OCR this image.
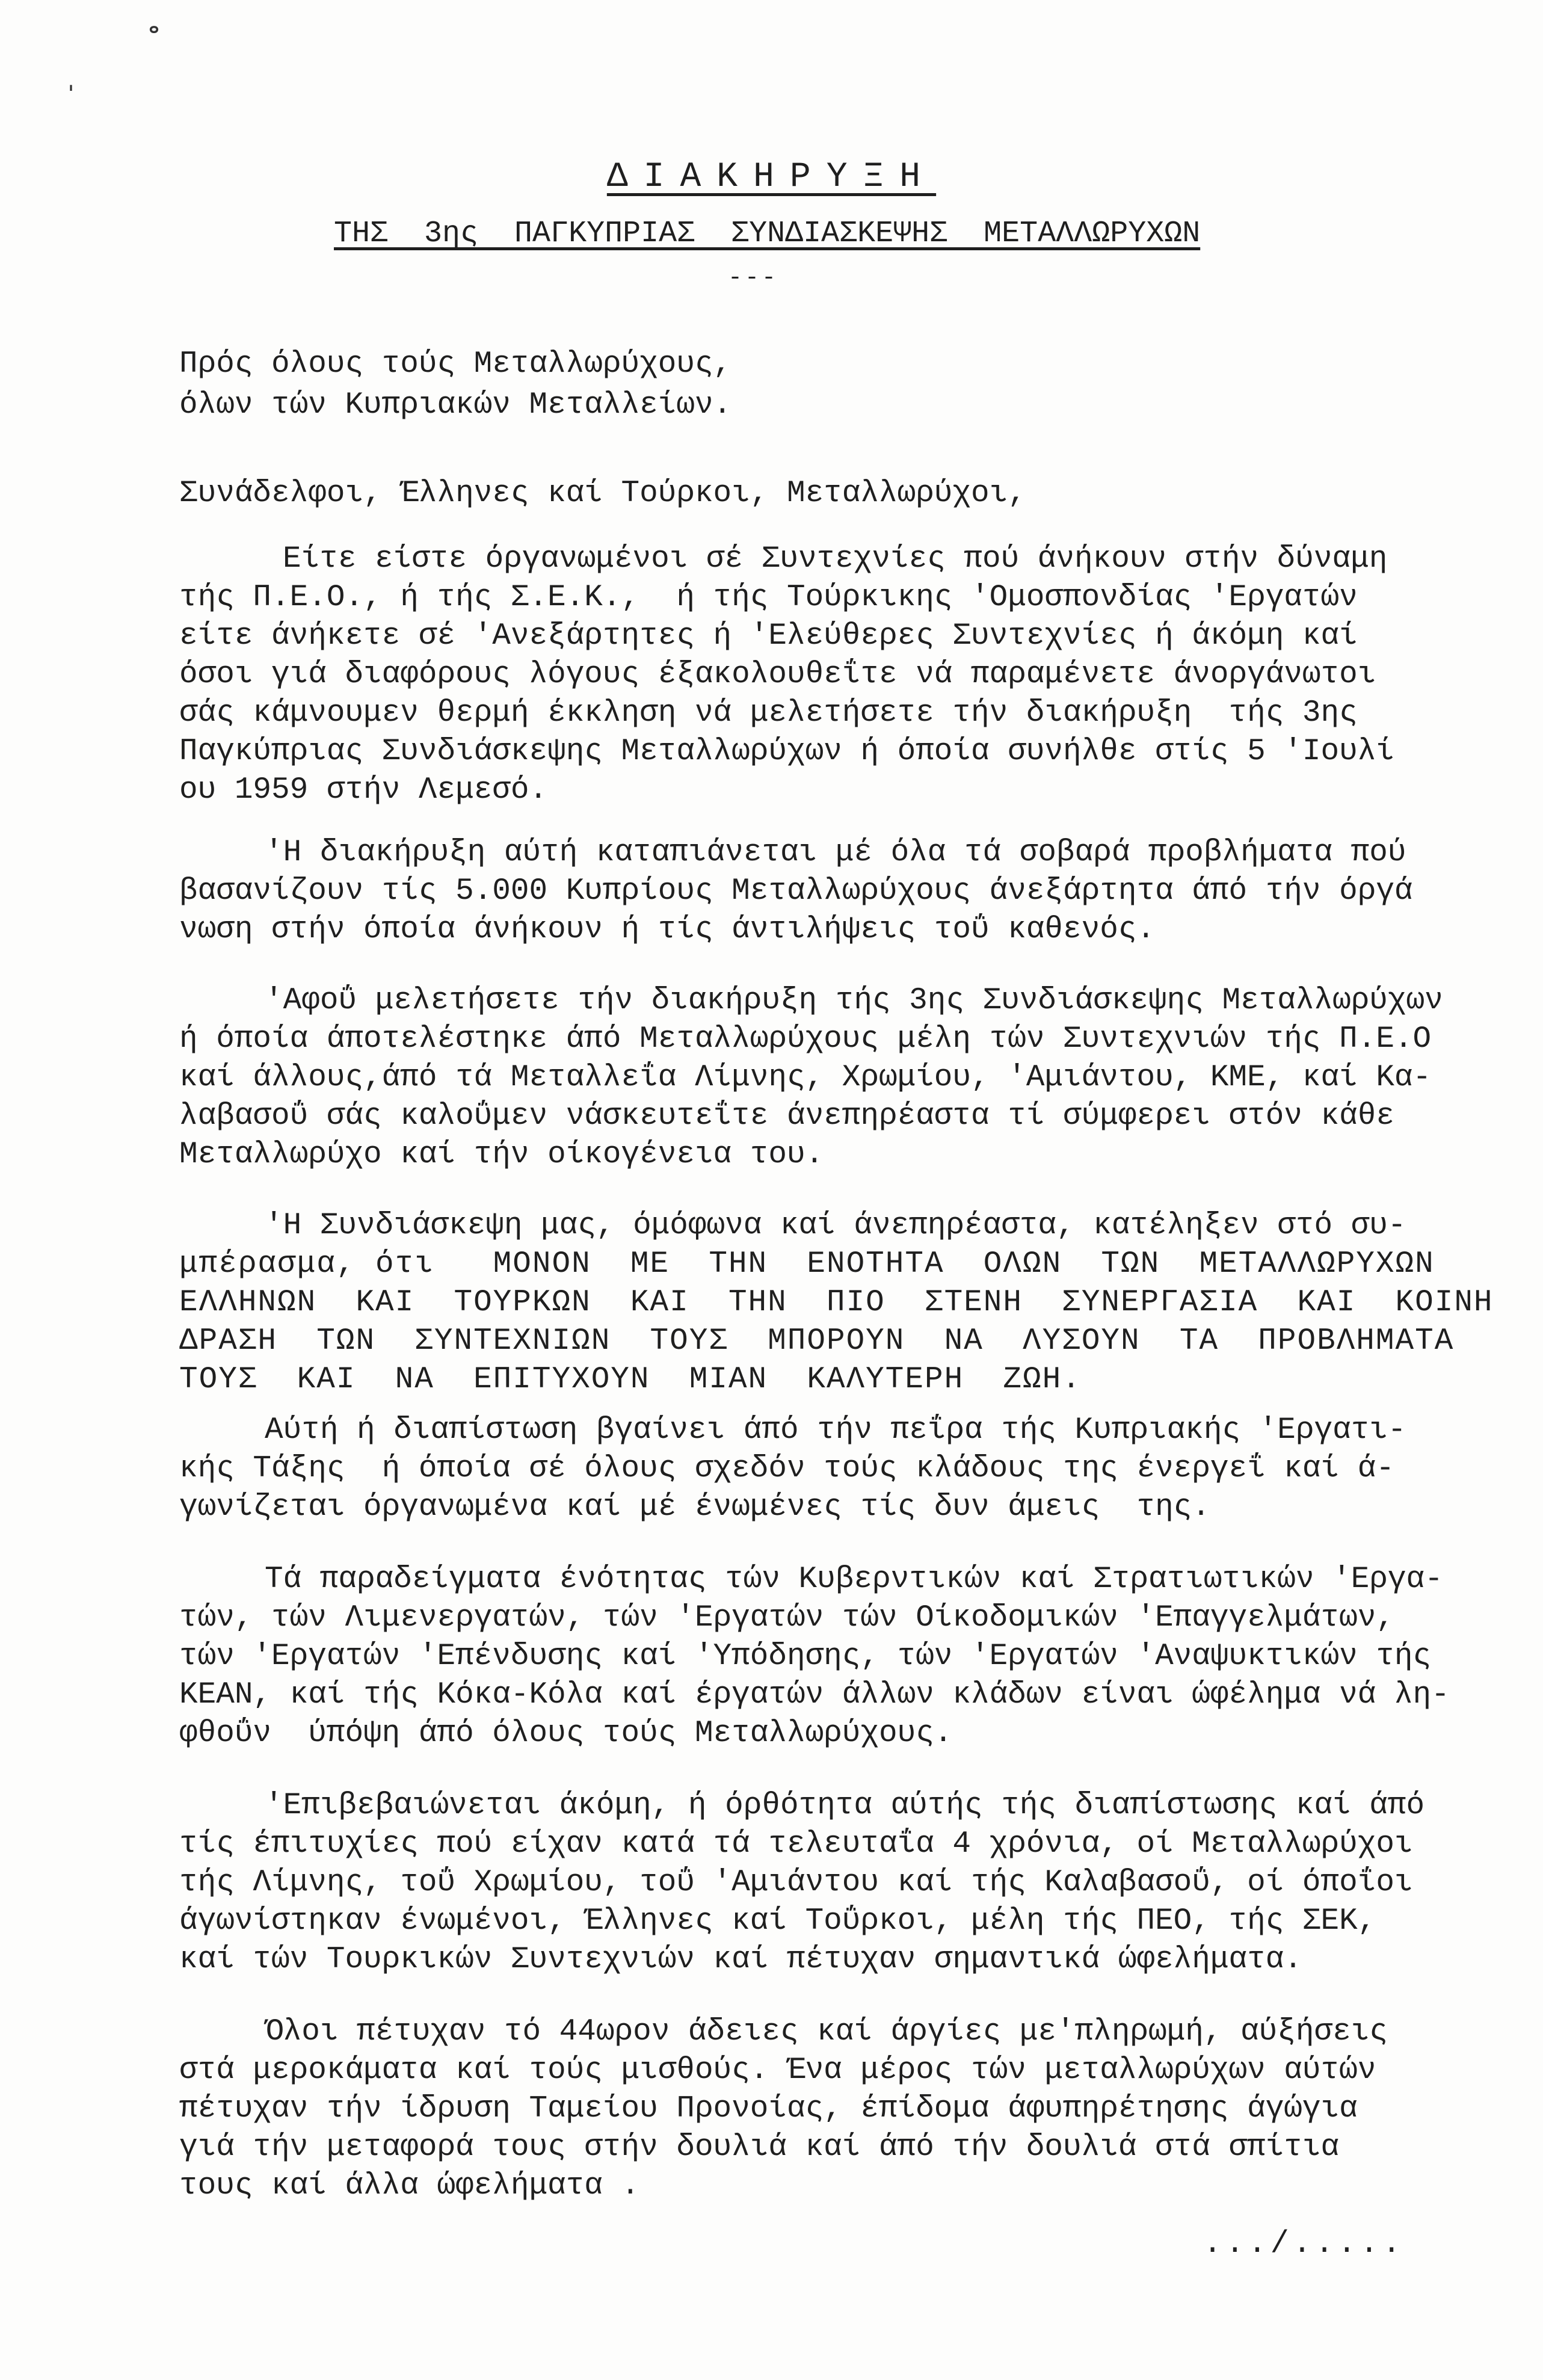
˚
ˈ
ΔΙΑΚΗΡΥΞΗ
ΤΗΣ  3ης  ΠΑΓΚΥΠΡΙΑΣ  ΣΥΝΔΙΑΣΚΕΨΗΣ  ΜΕΤΑΛΛΩΡΥΧΩΝ
---
Πρός όλους τούς Μεταλλωρύχους,
όλων τών Κυπριακών Μεταλλείων.
Συνάδελφοι, Έλληνες καί Τούρκοι, Μεταλλωρύχοι,
Είτε είστε όργανωμένοι σέ Συντεχνίες πού άνήκουν στήν δύναμη
τής Π.Ε.Ο., ή τής Σ.Ε.Κ.,  ή τής Τούρκικης 'Ομοσπονδίας 'Εργατών
είτε άνήκετε σέ 'Ανεξάρτητες ή 'Ελεύθερες Συντεχνίες ή άκόμη καί
όσοι γιά διαφόρους λόγους έξακολουθεΐτε νά παραμένετε άνοργάνωτοι
σάς κάμνουμεν θερμή έκκληση νά μελετήσετε τήν διακήρυξη  τής 3ης
Παγκύπριας Συνδιάσκεψης Μεταλλωρύχων ή όποία συνήλθε στίς 5 'Ιουλί
ου 1959 στήν Λεμεσό.
'Η διακήρυξη αύτή καταπιάνεται μέ όλα τά σοβαρά προβλήματα πού
βασανίζουν τίς 5.000 Κυπρίους Μεταλλωρύχους άνεξάρτητα άπό τήν όργά
νωση στήν όποία άνήκουν ή τίς άντιλήψεις τοΰ καθενός.
'Αφοΰ μελετήσετε τήν διακήρυξη τής 3ης Συνδιάσκεψης Μεταλλωρύχων
ή όποία άποτελέστηκε άπό Μεταλλωρύχους μέλη τών Συντεχνιών τής Π.Ε.Ο
καί άλλους,άπό τά Μεταλλεΐα Λίμνης, Χρωμίου, 'Αμιάντου, ΚΜΕ, καί Κα-
λαβασοΰ σάς καλοΰμεν νάσκευτεΐτε άνεπηρέαστα τί σύμφερει στόν κάθε
Μεταλλωρύχο καί τήν οίκογένεια του.
'Η Συνδιάσκεψη μας, όμόφωνα καί άνεπηρέαστα, κατέληξεν στό συ-
μπέρασμα, ότι   ΜΟΝΟΝ  ΜΕ  ΤΗΝ  ΕΝΟΤΗΤΑ  ΟΛΩΝ  ΤΩΝ  ΜΕΤΑΛΛΩΡΥΧΩΝ
ΕΛΛΗΝΩΝ  ΚΑΙ  ΤΟΥΡΚΩΝ  ΚΑΙ  ΤΗΝ  ΠΙΟ  ΣΤΕΝΗ  ΣΥΝΕΡΓΑΣΙΑ  ΚΑΙ  ΚΟΙΝΗ
ΔΡΑΣΗ  ΤΩΝ  ΣΥΝΤΕΧΝΙΩΝ  ΤΟΥΣ  ΜΠΟΡΟΥΝ  ΝΑ  ΛΥΣΟΥΝ  ΤΑ  ΠΡΟΒΛΗΜΑΤΑ
ΤΟΥΣ  ΚΑΙ  ΝΑ  ΕΠΙΤΥΧΟΥΝ  ΜΙΑΝ  ΚΑΛΥΤΕΡΗ  ΖΩΗ.
Αύτή ή διαπίστωση βγαίνει άπό τήν πεΐρα τής Κυπριακής 'Εργατι-
κής Τάξης  ή όποία σέ όλους σχεδόν τούς κλάδους της ένεργεΐ καί ά-
γωνίζεται όργανωμένα καί μέ ένωμένες τίς δυν άμεις  της.
Τά παραδείγματα ένότητας τών Κυβερντικών καί Στρατιωτικών 'Εργα-
τών, τών Λιμενεργατών, τών 'Εργατών τών Οίκοδομικών 'Επαγγελμάτων,
τών 'Εργατών 'Επένδυσης καί 'Υπόδησης, τών 'Εργατών 'Αναψυκτικών τής
ΚΕΑΝ, καί τής Κόκα-Κόλα καί έργατών άλλων κλάδων είναι ώφέλημα νά λη-
φθοΰν  ύπόψη άπό όλους τούς Μεταλλωρύχους.
'Επιβεβαιώνεται άκόμη, ή όρθότητα αύτής τής διαπίστωσης καί άπό
τίς έπιτυχίες πού είχαν κατά τά τελευταΐα 4 χρόνια, οί Μεταλλωρύχοι
τής Λίμνης, τοΰ Χρωμίου, τοΰ 'Αμιάντου καί τής Καλαβασοΰ, οί όποΐοι
άγωνίστηκαν ένωμένοι, Έλληνες καί Τοΰρκοι, μέλη τής ΠΕΟ, τής ΣΕΚ,
καί τών Τουρκικών Συντεχνιών καί πέτυχαν σημαντικά ώφελήματα.
Όλοι πέτυχαν τό 44ωρον άδειες καί άργίες με'πληρωμή, αύξήσεις
στά μεροκάματα καί τούς μισθούς. Ένα μέρος τών μεταλλωρύχων αύτών
πέτυχαν τήν ίδρυση Ταμείου Προνοίας, έπίδομα άφυπηρέτησης άγώγια
γιά τήν μεταφορά τους στήν δουλιά καί άπό τήν δουλιά στά σπίτια
τους καί άλλα ώφελήματα .
.../.....
